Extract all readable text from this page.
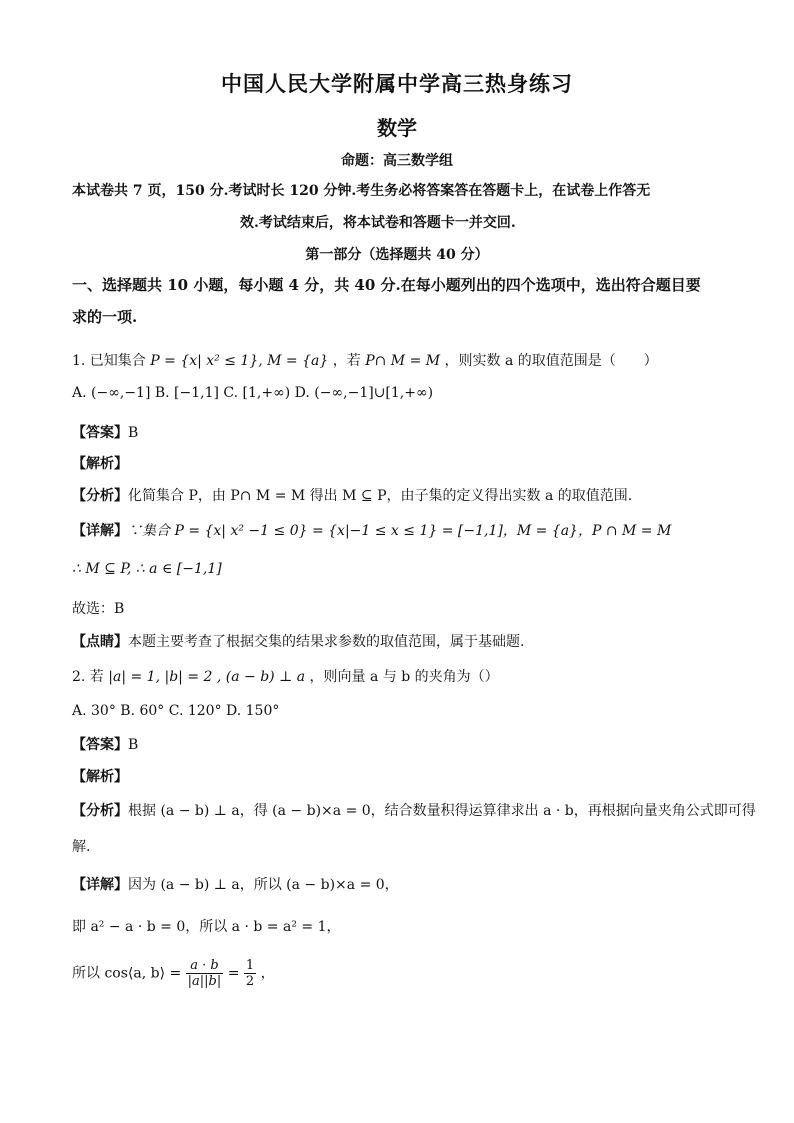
中国人民大学附属中学高三热身练习
数学
命题：高三数学组
本试卷共 7 页，150 分.考试时长 120 分钟.考生务必将答案答在答题卡上，在试卷上作答无
效.考试结束后，将本试卷和答题卡一并交回.
第一部分（选择题共 40 分）
一、选择题共 10 小题，每小题 4 分，共 40 分.在每小题列出的四个选项中，选出符合题目要
求的一项.
1. 已知集合 P = {x| x² ≤ 1}, M = {a} ，若 P∩ M = M ，则实数 a 的取值范围是（　　）
A. (−∞,−1] B. [−1,1] C. [1,+∞) D. (−∞,−1]∪[1,+∞)
【答案】B
【解析】
【分析】化简集合 P，由 P∩ M = M 得出 M ⊆ P，由子集的定义得出实数 a 的取值范围.
【详解】∵集合 P = {x| x² −1 ≤ 0} = {x|−1 ≤ x ≤ 1} = [−1,1]，M = {a}，P ∩ M = M
∴ M ⊆ P, ∴ a ∈ [−1,1]
故选：B
【点睛】本题主要考查了根据交集的结果求参数的取值范围，属于基础题.
2. 若 |a| = 1, |b| = 2 , (a − b) ⊥ a ，则向量 a 与 b 的夹角为（）
A. 30° B. 60° C. 120° D. 150°
【答案】B
【解析】
【分析】根据 (a − b) ⊥ a，得 (a − b)×a = 0，结合数量积得运算律求出 a · b，再根据向量夹角公式即可得
解.
【详解】因为 (a − b) ⊥ a，所以 (a − b)×a = 0，
即 a² − a · b = 0，所以 a · b = a² = 1，
所以 cos⟨a, b⟩ = $\frac{a \cdot b}{|a||b|} = \frac{1}{2}$ ，
